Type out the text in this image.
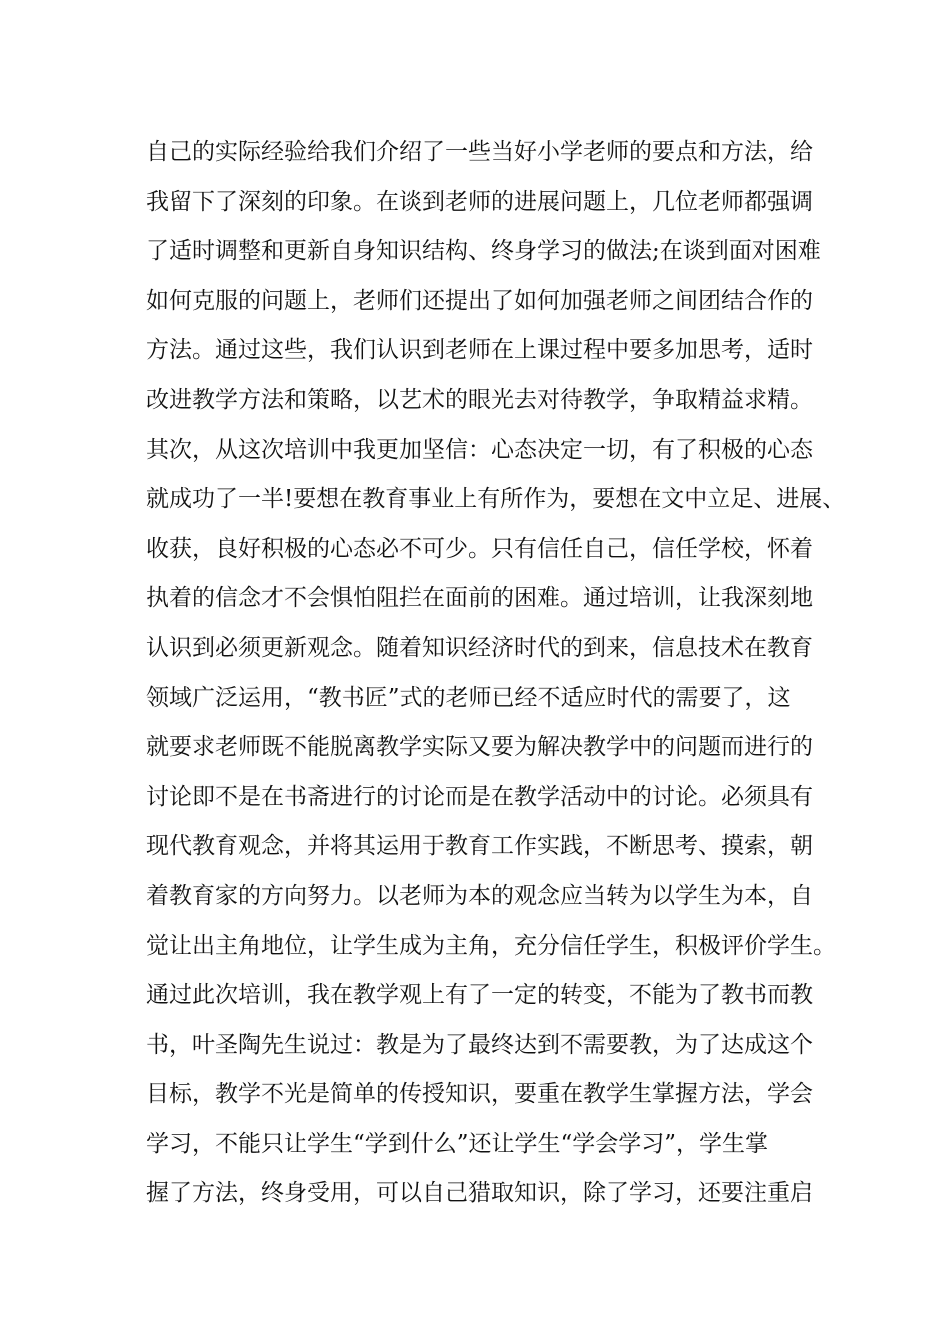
自己的实际经验给我们介绍了一些当好小学老师的要点和方法，给
我留下了深刻的印象。在谈到老师的进展问题上，几位老师都强调
了适时调整和更新自身知识结构、终身学习的做法;在谈到面对困难
如何克服的问题上，老师们还提出了如何加强老师之间团结合作的
方法。通过这些，我们认识到老师在上课过程中要多加思考，适时
改进教学方法和策略，以艺术的眼光去对待教学，争取精益求精。
其次，从这次培训中我更加坚信：心态决定一切，有了积极的心态
就成功了一半!要想在教育事业上有所作为，要想在文中立足、进展、
收获，良好积极的心态必不可少。只有信任自己，信任学校，怀着
执着的信念才不会惧怕阻拦在面前的困难。通过培训，让我深刻地
认识到必须更新观念。随着知识经济时代的到来，信息技术在教育
领域广泛运用，“教书匠”式的老师已经不适应时代的需要了，这
就要求老师既不能脱离教学实际又要为解决教学中的问题而进行的
讨论即不是在书斋进行的讨论而是在教学活动中的讨论。必须具有
现代教育观念，并将其运用于教育工作实践，不断思考、摸索，朝
着教育家的方向努力。以老师为本的观念应当转为以学生为本，自
觉让出主角地位，让学生成为主角，充分信任学生，积极评价学生。
通过此次培训，我在教学观上有了一定的转变，不能为了教书而教
书，叶圣陶先生说过：教是为了最终达到不需要教，为了达成这个
目标，教学不光是简单的传授知识，要重在教学生掌握方法，学会
学习，不能只让学生“学到什么”还让学生“学会学习”，学生掌
握了方法，终身受用，可以自己猎取知识，除了学习，还要注重启
